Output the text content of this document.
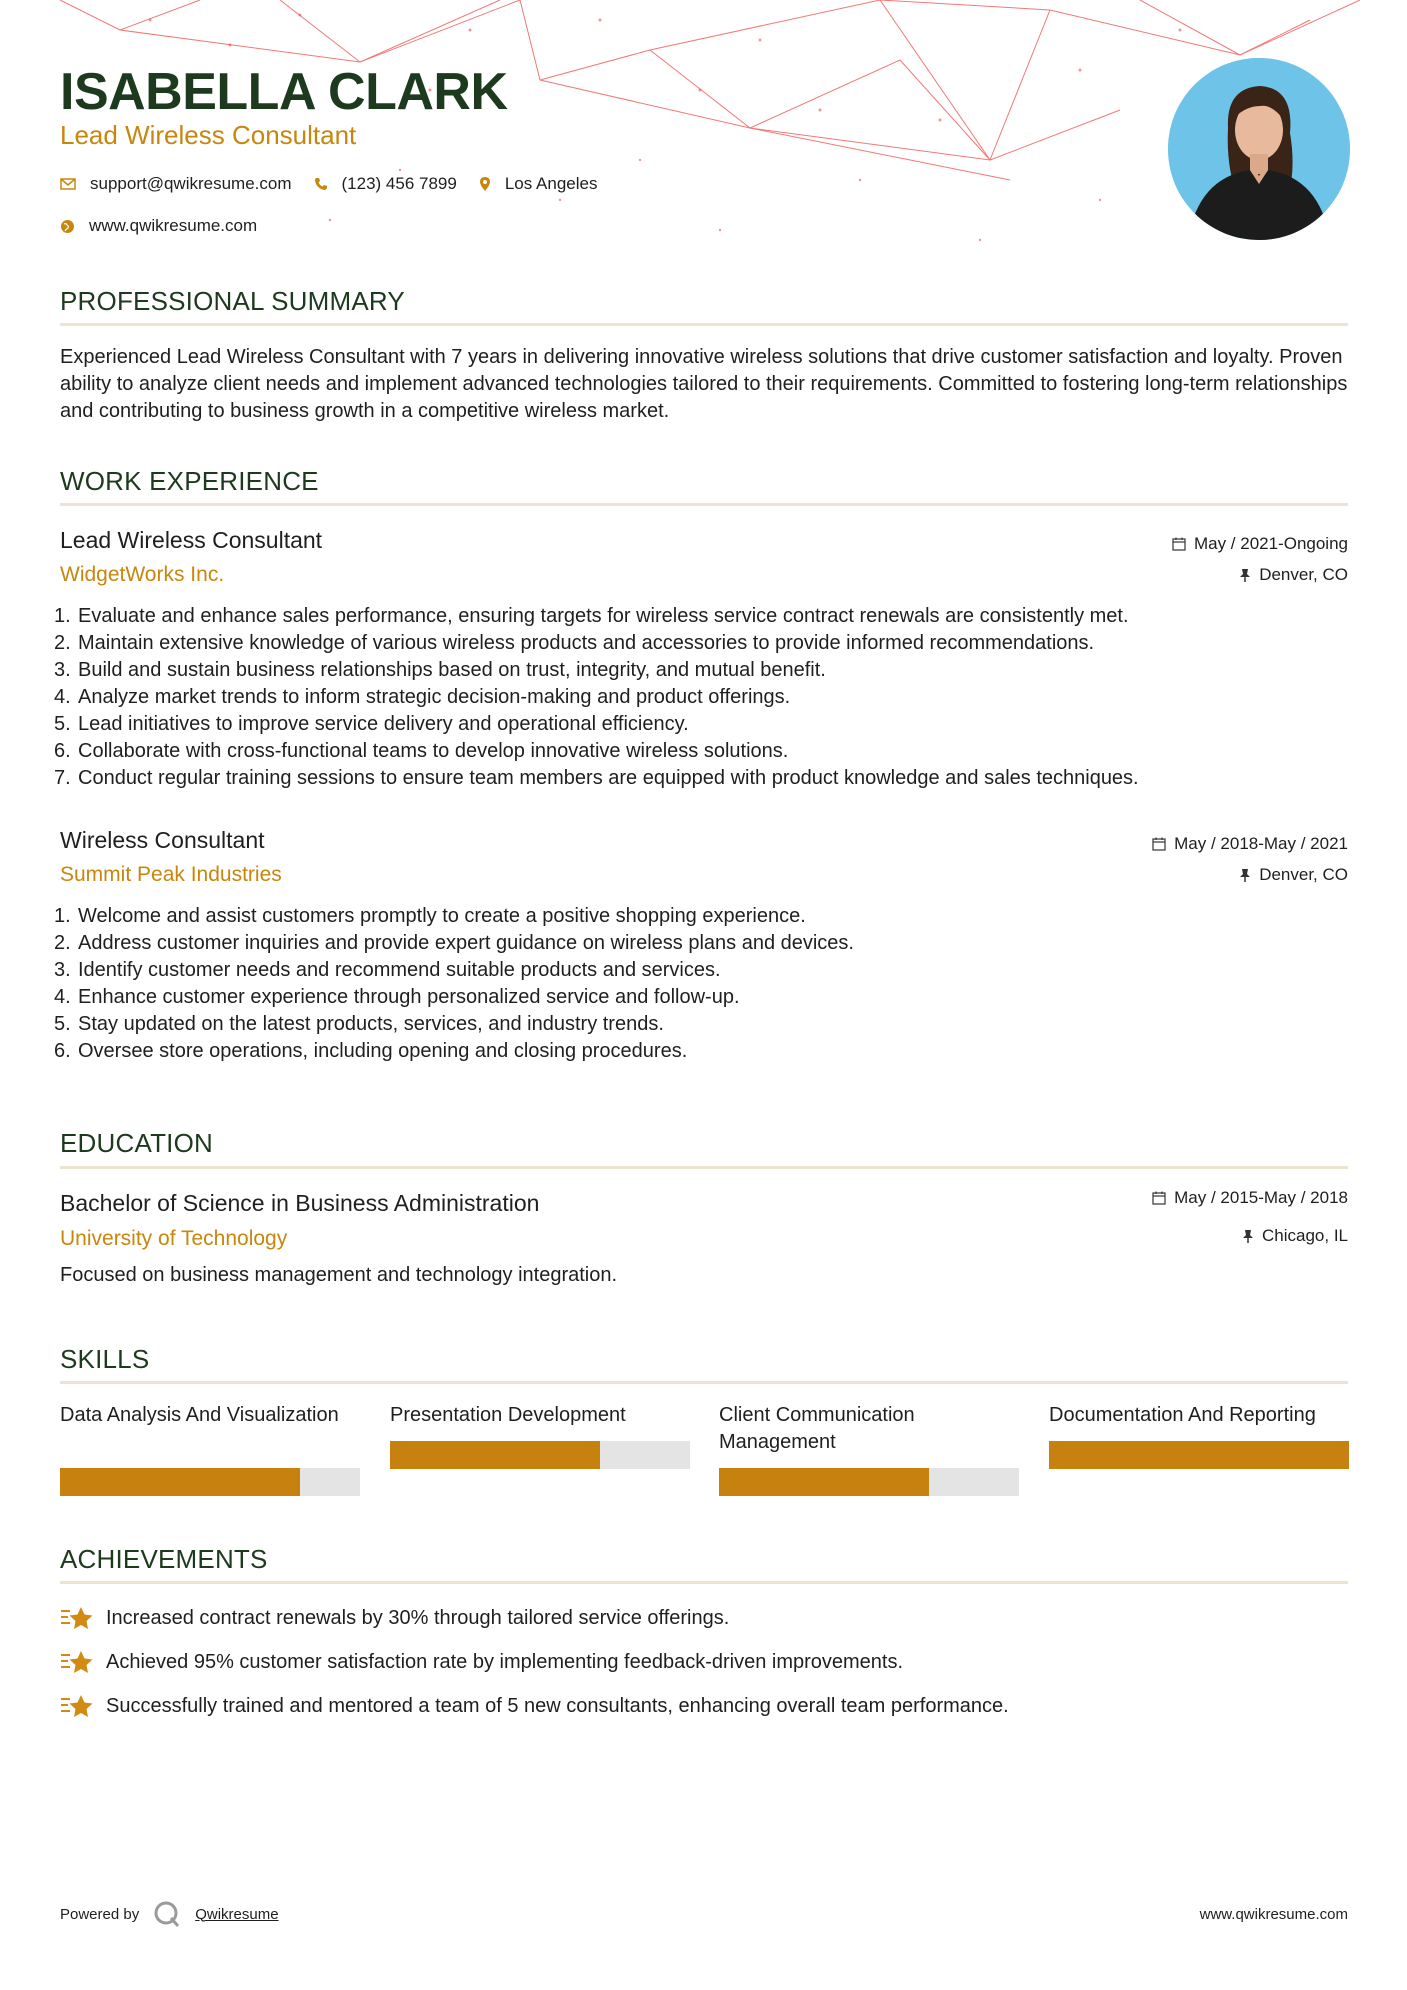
ISABELLA CLARK
Lead Wireless Consultant
support@qwikresume.com	(123) 456 7899	Los Angeles
www.qwikresume.com
PROFESSIONAL SUMMARY
Experienced Lead Wireless Consultant with 7 years in delivering innovative wireless solutions that drive customer satisfaction and loyalty. Proven ability to analyze client needs and implement advanced technologies tailored to their requirements. Committed to fostering long-term relationships and contributing to business growth in a competitive wireless market.
WORK EXPERIENCE
Lead Wireless Consultant
WidgetWorks Inc.
May / 2021-Ongoing
Denver, CO
1. Evaluate and enhance sales performance, ensuring targets for wireless service contract renewals are consistently met.
2. Maintain extensive knowledge of various wireless products and accessories to provide informed recommendations.
3. Build and sustain business relationships based on trust, integrity, and mutual benefit.
4. Analyze market trends to inform strategic decision-making and product offerings.
5. Lead initiatives to improve service delivery and operational efficiency.
6. Collaborate with cross-functional teams to develop innovative wireless solutions.
7. Conduct regular training sessions to ensure team members are equipped with product knowledge and sales techniques.
Wireless Consultant
Summit Peak Industries
May / 2018-May / 2021
Denver, CO
1. Welcome and assist customers promptly to create a positive shopping experience.
2. Address customer inquiries and provide expert guidance on wireless plans and devices.
3. Identify customer needs and recommend suitable products and services.
4. Enhance customer experience through personalized service and follow-up.
5. Stay updated on the latest products, services, and industry trends.
6. Oversee store operations, including opening and closing procedures.
EDUCATION
Bachelor of Science in Business Administration
University of Technology
May / 2015-May / 2018
Chicago, IL
Focused on business management and technology integration.
SKILLS
Data Analysis And Visualization	Presentation Development	Client Communication Management
Documentation And Reporting
ACHIEVEMENTS
Increased contract renewals by 30% through tailored service offerings.
Achieved 95% customer satisfaction rate by implementing feedback-driven improvements.
Successfully trained and mentored a team of 5 new consultants, enhancing overall team performance.
Powered by	Qwikresume	www.qwikresume.com
